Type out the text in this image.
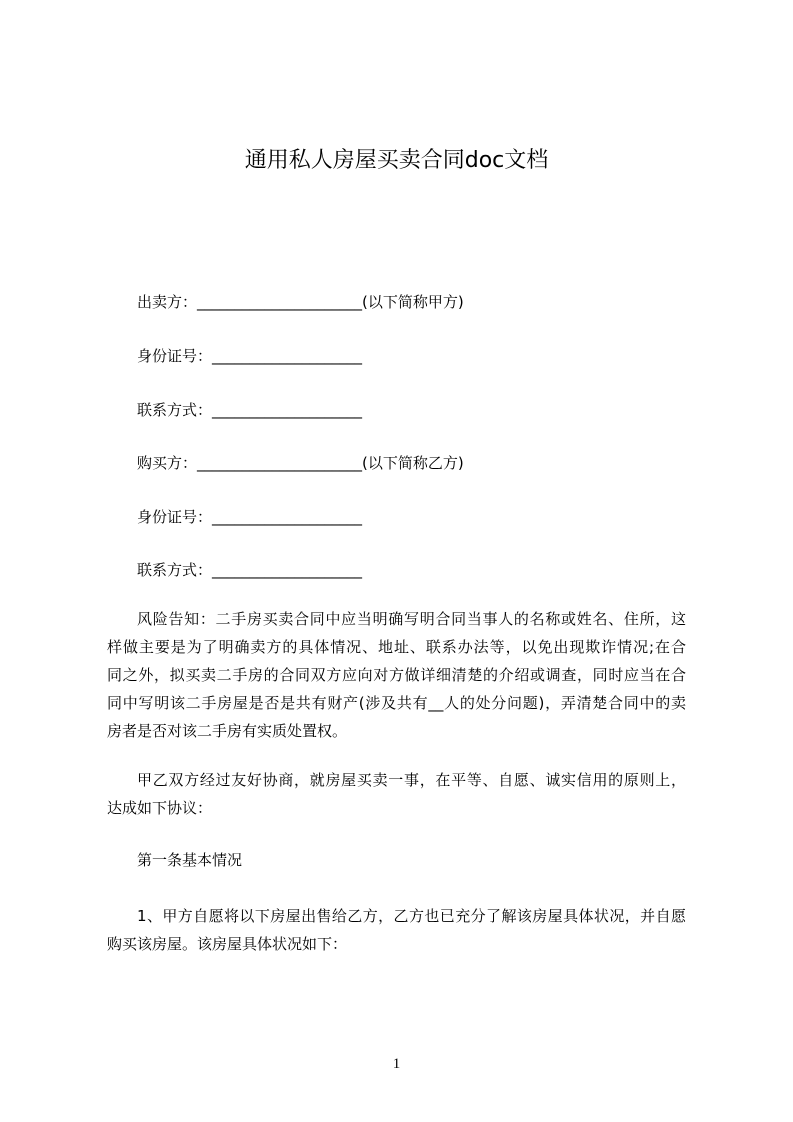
通用私人房屋买卖合同doc文档
出卖方：______________________(以下简称甲方)
身份证号：____________________
联系方式：____________________
购买方：______________________(以下简称乙方)
身份证号：____________________
联系方式：____________________
风险告知：二手房买卖合同中应当明确写明合同当事人的名称或姓名、住所，这
样做主要是为了明确卖方的具体情况、地址、联系办法等，以免出现欺诈情况;在合
同之外，拟买卖二手房的合同双方应向对方做详细清楚的介绍或调查，同时应当在合
同中写明该二手房屋是否是共有财产(涉及共有__人的处分问题)，弄清楚合同中的卖
房者是否对该二手房有实质处置权。
甲乙双方经过友好协商，就房屋买卖一事，在平等、自愿、诚实信用的原则上，
达成如下协议：
第一条基本情况
1、甲方自愿将以下房屋出售给乙方，乙方也已充分了解该房屋具体状况，并自愿
购买该房屋。该房屋具体状况如下：
1
